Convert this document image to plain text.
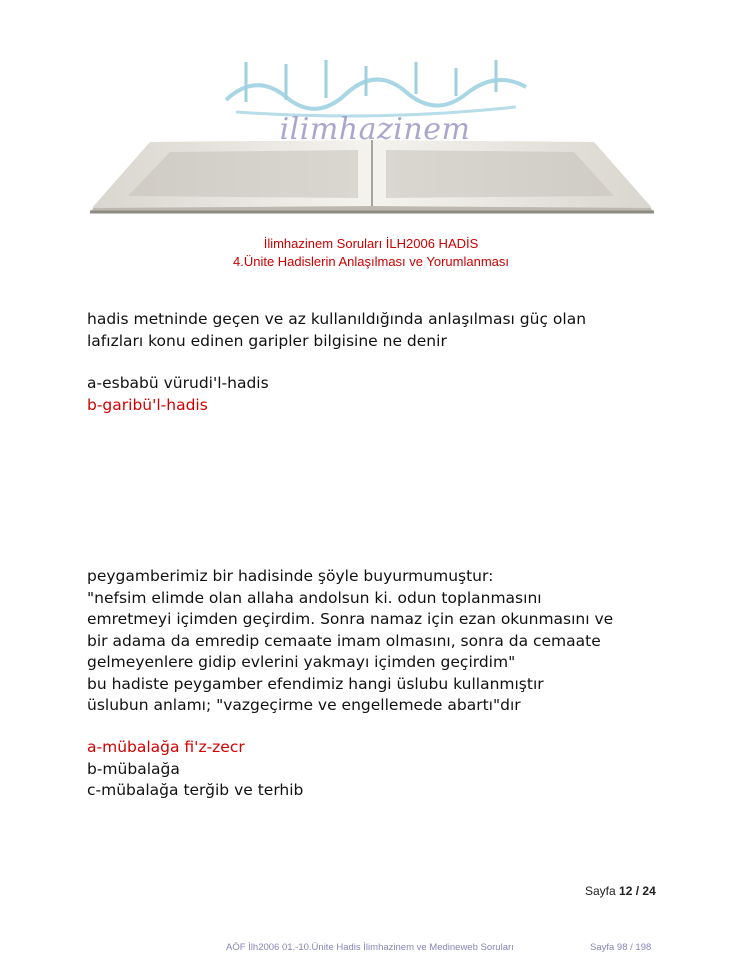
ilimhazinem
İlimhazinem Soruları İLH2006 HADİS
4.Ünite Hadislerin Anlaşılması ve Yorumlanması
hadis metninde geçen ve az kullanıldığında anlaşılması güç olan
lafızları konu edinen garipler bilgisine ne denir
a-esbabü vürudi'l-hadis
b-garibü'l-hadis
peygamberimiz bir hadisinde şöyle buyurmumuştur:
"nefsim elimde olan allaha andolsun ki. odun toplanmasını
emretmeyi içimden geçirdim. Sonra namaz için ezan okunmasını ve
bir adama da emredip cemaate imam olmasını, sonra da cemaate
gelmeyenlere gidip evlerini yakmayı içimden geçirdim"
bu hadiste peygamber efendimiz hangi üslubu kullanmıştır
üslubun anlamı; "vazgeçirme ve engellemede abartı"dır
a-mübalağa fi'z-zecr
b-mübalağa
c-mübalağa terğib ve terhib
Sayfa 12 / 24
AÖF İlh2006 01.-10.Ünite Hadis İlimhazinem ve Medineweb Soruları	Sayfa 98 / 198
